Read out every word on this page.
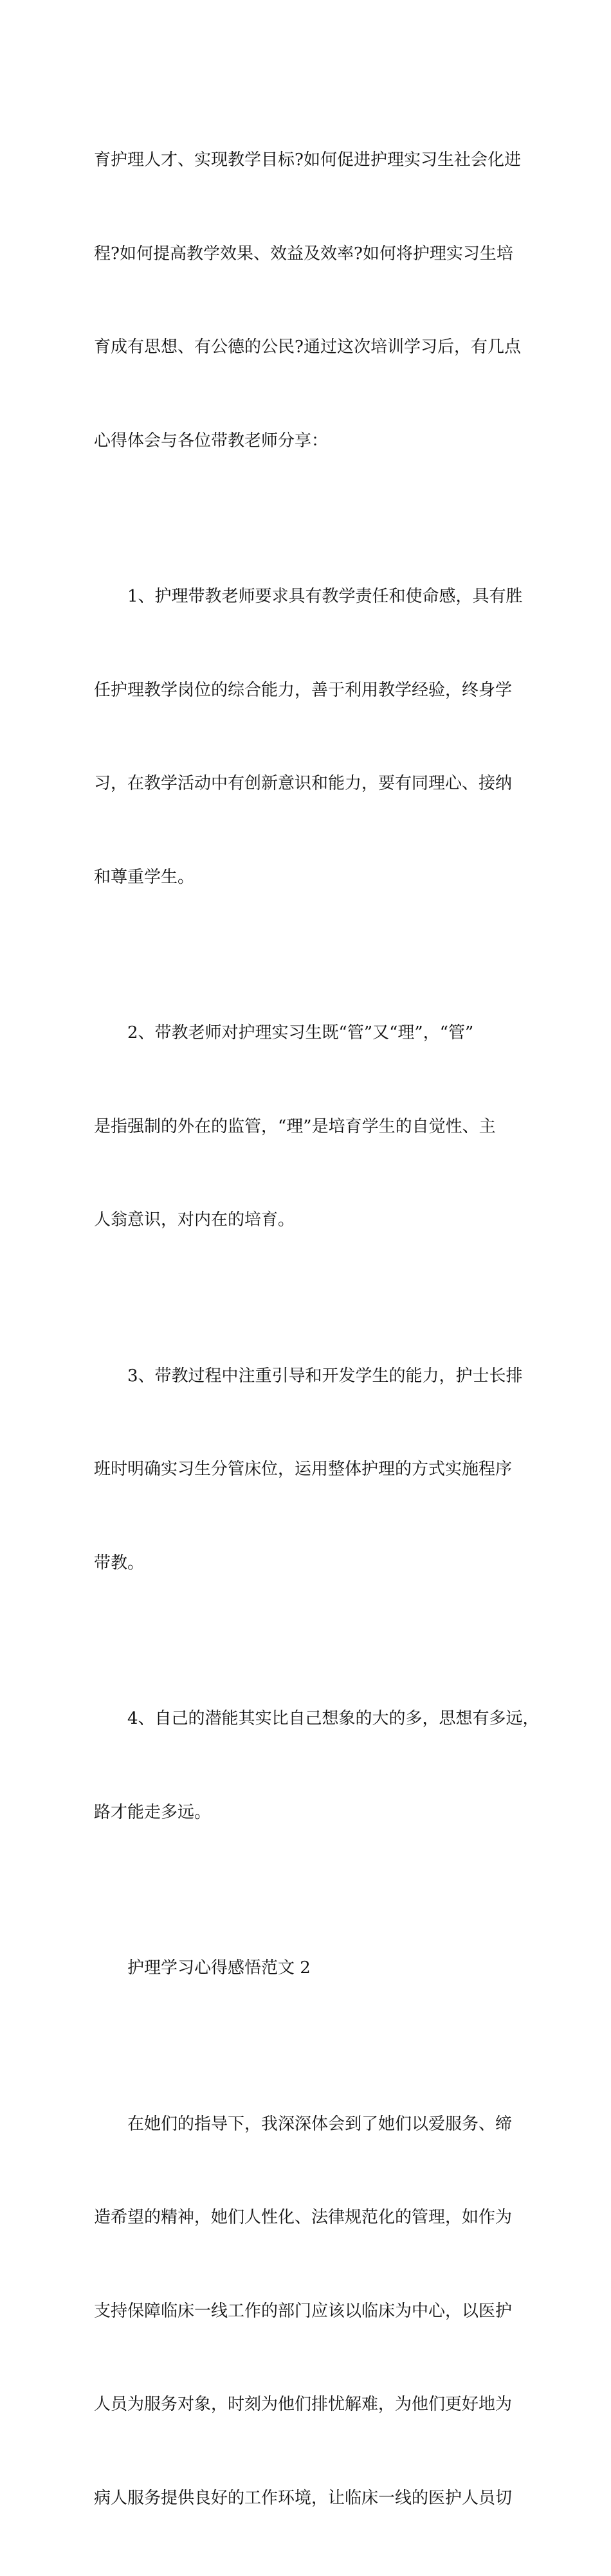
育护理人才、实现教学目标?如何促进护理实习生社会化进

程?如何提高教学效果、效益及效率?如何将护理实习生培

育成有思想、有公德的公民?通过这次培训学习后，有几点

心得体会与各位带教老师分享：

　　1、护理带教老师要求具有教学责任和使命感，具有胜

任护理教学岗位的综合能力，善于利用教学经验，终身学

习，在教学活动中有创新意识和能力，要有同理心、接纳

和尊重学生。

　　2、带教老师对护理实习生既“管”又“理”，“管”

是指强制的外在的监管，“理”是培育学生的自觉性、主

人翁意识，对内在的培育。

　　3、带教过程中注重引导和开发学生的能力，护士长排

班时明确实习生分管床位，运用整体护理的方式实施程序

带教。

　　4、自己的潜能其实比自己想象的大的多，思想有多远，

路才能走多远。

　　护理学习心得感悟范文 2

　　在她们的指导下，我深深体会到了她们以爱服务、缔

造希望的精神，她们人性化、法律规范化的管理，如作为

支持保障临床一线工作的部门应该以临床为中心，以医护

人员为服务对象，时刻为他们排忧解难，为他们更好地为

病人服务提供良好的工作环境，让临床一线的医护人员切
